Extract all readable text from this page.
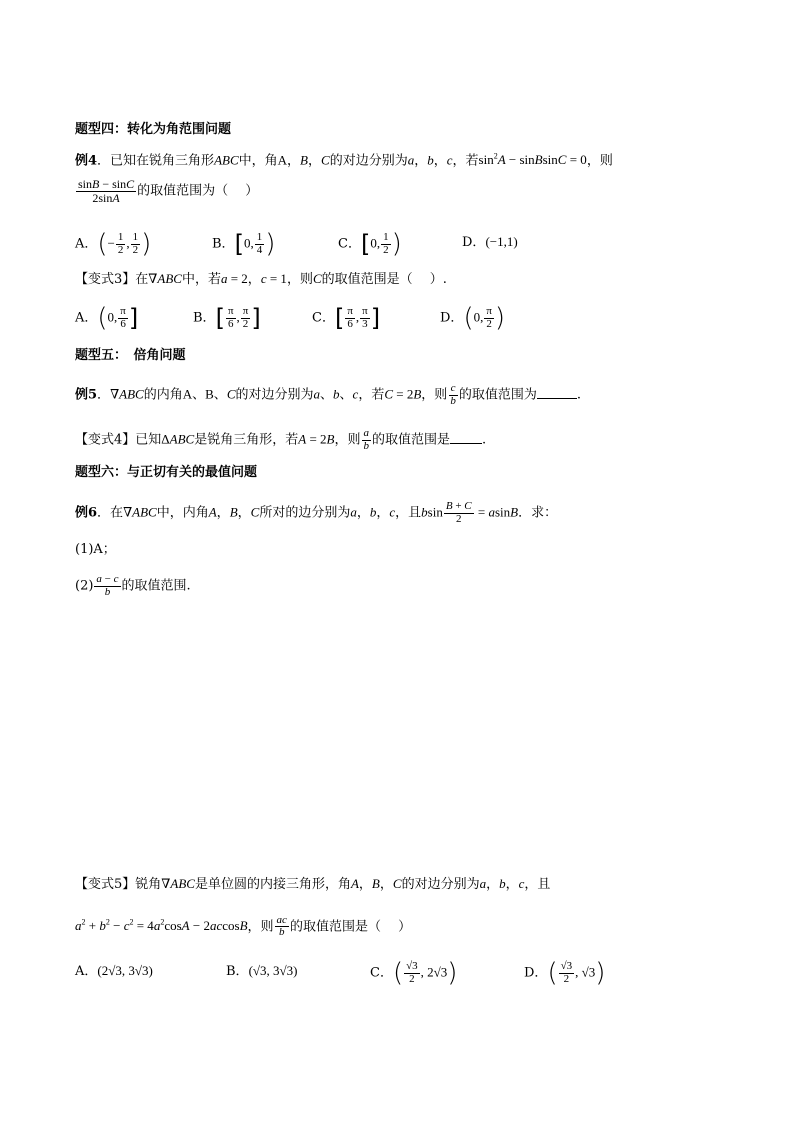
题型四：转化为角范围问题
例4．已知在锐角三角形ABC中，角A，B，C的对边分别为a，b，c，若$\sin^2A$ − sinBsinC = 0，则
$\frac{\sin B - \sin C}{2\sin A}$ 的取值范围为（　 ）
A．(− $\frac{1}{2}$ , $\frac{1}{2}$ )	B．[0, $\frac{1}{4}$ )	C．[0, $\frac{1}{2}$ )	D．(−1,1)
【变式3】在∇ABC中，若a = 2，c = 1，则C的取值范围是（　 ）.
A．(0, $\frac{\pi}{6}$ ]	B．[ $\frac{\pi}{6}$ , $\frac{\pi}{2}$ ]	C．[ $\frac{\pi}{6}$ , $\frac{\pi}{3}$ ]	D．(0, $\frac{\pi}{2}$ )
题型五：　倍角问题
例5．∇ABC的内角A、B、C的对边分别为a、b、c，若C = 2B，则 $\frac{c}{b}$ 的取值范围为	.
【变式4】已知ΔABC是锐角三角形，若A = 2B，则 $\frac{a}{b}$ 的取值范围是 .
题型六：与正切有关的最值问题
例6．在∇ABC中，内角A，B，C所对的边分别为a，b，c，且bsin $\frac{B + C}{2} = asinB$．求：
(1)A；
$(2) \frac{a - c}{b}$ 的取值范围.
【变式5】锐角∇ABC是单位圆的内接三角形，角A，B，C的对边分别为a，b，c，且
$a^2 + b^2 - c^2 = 4a^2\cos A - 2accosB$，则 $\frac{ac}{b}$ 的取值范围是（　 ）
A．(2√3, 3√3)	B．(√3, 3√3)	C．( $\frac{√3}{2}$ , 2√3)	D．( $\frac{√3}{2}$ , √3)
